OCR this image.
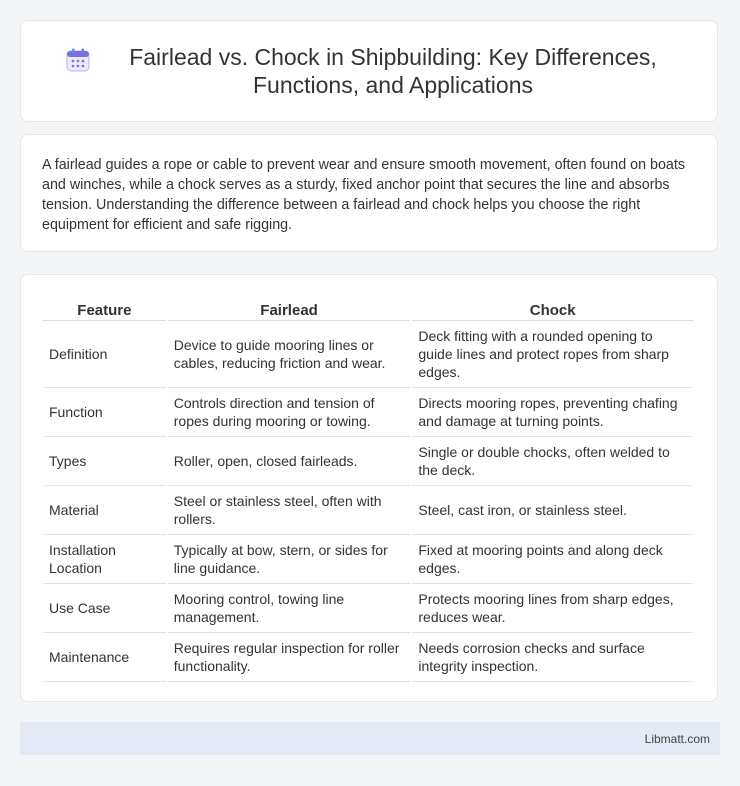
Fairlead vs. Chock in Shipbuilding: Key Differences, Functions, and Applications

A fairlead guides a rope or cable to prevent wear and ensure smooth movement, often found on boats and winches, while a chock serves as a sturdy, fixed anchor point that secures the line and absorbs tension. Understanding the difference between a fairlead and chock helps you choose the right equipment for efficient and safe rigging.

Feature	Fairlead	Chock
Definition	Device to guide mooring lines or cables, reducing friction and wear.	Deck fitting with a rounded opening to guide lines and protect ropes from sharp edges.
Function	Controls direction and tension of ropes during mooring or towing.	Directs mooring ropes, preventing chafing and damage at turning points.
Types	Roller, open, closed fairleads.	Single or double chocks, often welded to the deck.
Material	Steel or stainless steel, often with rollers.	Steel, cast iron, or stainless steel.
Installation Location	Typically at bow, stern, or sides for line guidance.	Fixed at mooring points and along deck edges.
Use Case	Mooring control, towing line management.	Protects mooring lines from sharp edges, reduces wear.
Maintenance	Requires regular inspection for roller functionality.	Needs corrosion checks and surface integrity inspection.
Libmatt.com
